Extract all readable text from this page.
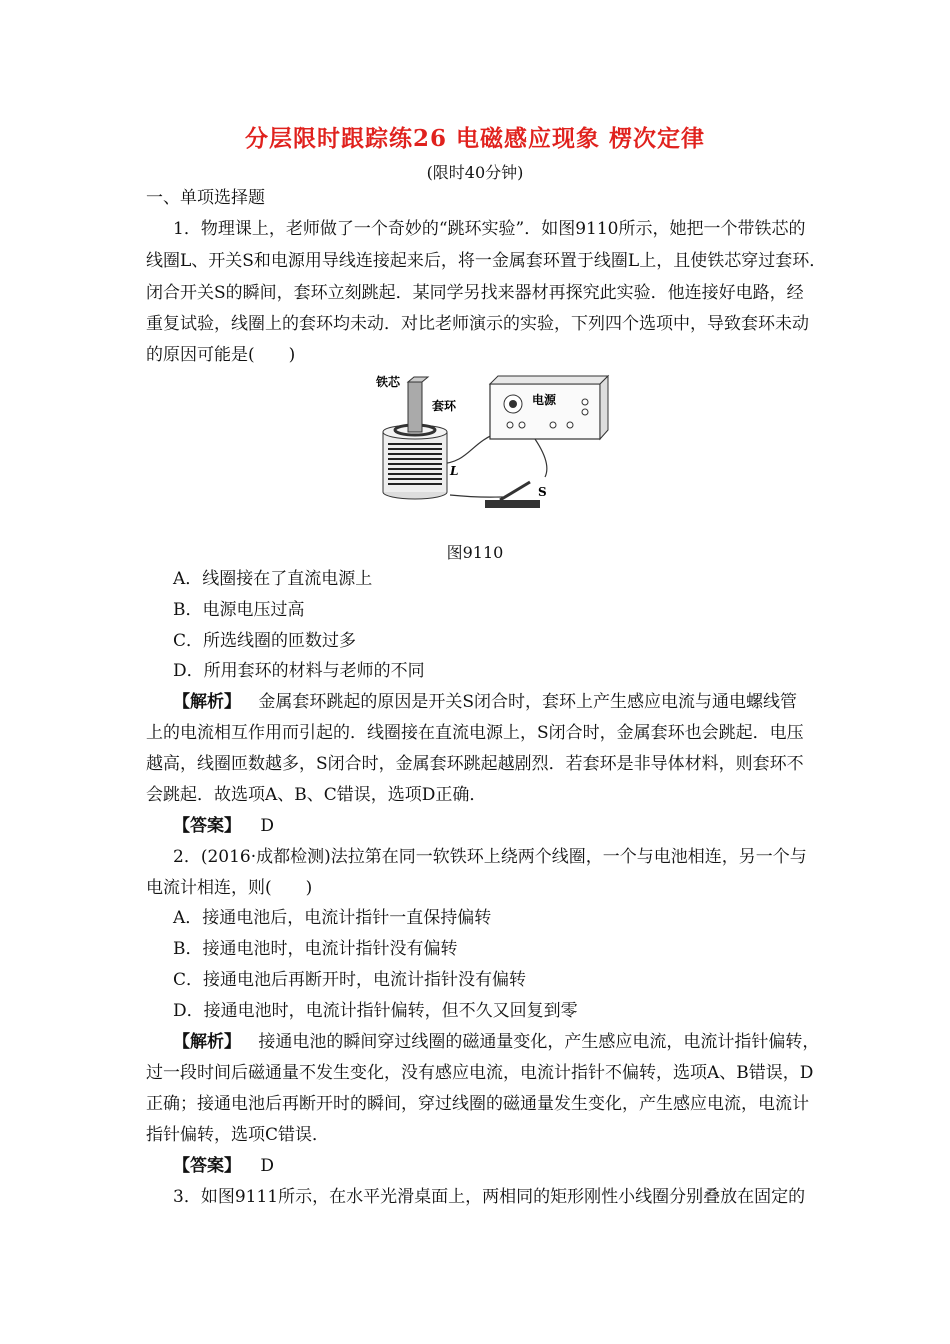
分层限时跟踪练26 电磁感应现象 楞次定律
(限时40分钟)
一、单项选择题
1．物理课上，老师做了一个奇妙的“跳环实验”．如图9110所示，她把一个带铁芯的
线圈L、开关S和电源用导线连接起来后，将一金属套环置于线圈L上，且使铁芯穿过套环．
闭合开关S的瞬间，套环立刻跳起．某同学另找来器材再探究此实验．他连接好电路，经
重复试验，线圈上的套环均未动．对比老师演示的实验，下列四个选项中，导致套环未动
的原因可能是(　　)
铁芯
套环	电源
L
S
图9110
A．线圈接在了直流电源上
B．电源电压过高
C．所选线圈的匝数过多
D．所用套环的材料与老师的不同
【解析】 金属套环跳起的原因是开关S闭合时，套环上产生感应电流与通电螺线管
上的电流相互作用而引起的．线圈接在直流电源上，S闭合时，金属套环也会跳起．电压
越高，线圈匝数越多，S闭合时，金属套环跳起越剧烈．若套环是非导体材料，则套环不
会跳起．故选项A、B、C错误，选项D正确．
【答案】 D
2．(2016·成都检测)法拉第在同一软铁环上绕两个线圈，一个与电池相连，另一个与
电流计相连，则(　　)
A．接通电池后，电流计指针一直保持偏转
B．接通电池时，电流计指针没有偏转
C．接通电池后再断开时，电流计指针没有偏转
D．接通电池时，电流计指针偏转，但不久又回复到零
【解析】 接通电池的瞬间穿过线圈的磁通量变化，产生感应电流，电流计指针偏转，
过一段时间后磁通量不发生变化，没有感应电流，电流计指针不偏转，选项A、B错误，D
正确；接通电池后再断开时的瞬间，穿过线圈的磁通量发生变化，产生感应电流，电流计
指针偏转，选项C错误．
【答案】 D
3．如图9111所示，在水平光滑桌面上，两相同的矩形刚性小线圈分别叠放在固定的
